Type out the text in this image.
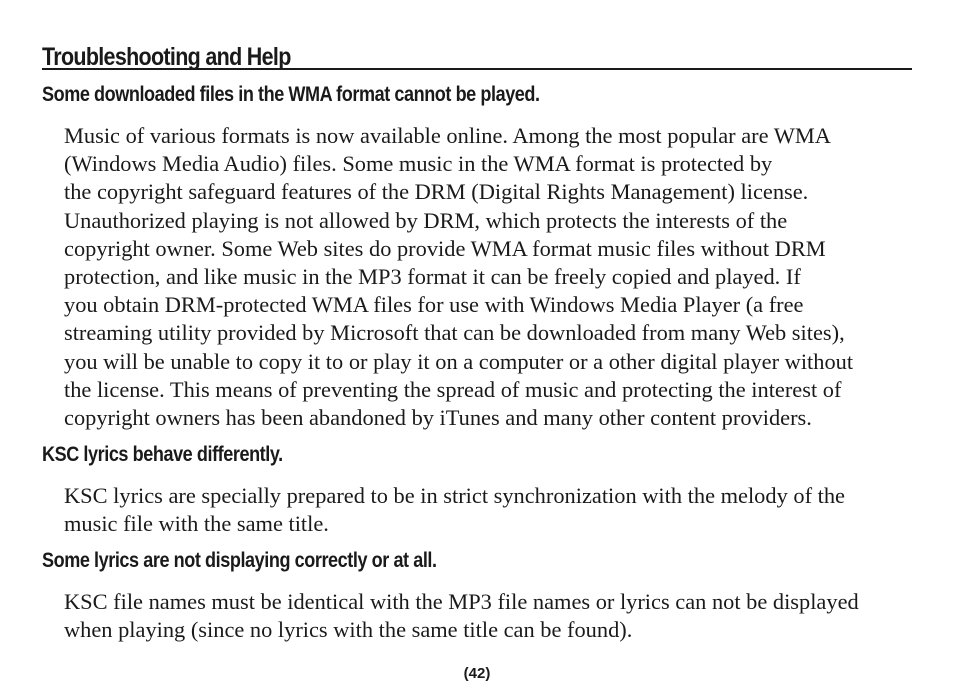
Troubleshooting and Help
Some downloaded files in the WMA format cannot be played.
Music of various formats is now available online. Among the most popular are WMA
(Windows Media Audio) files. Some music in the WMA format is protected by
the copyright safeguard features of the DRM (Digital Rights Management) license.
Unauthorized playing is not allowed by DRM, which protects the interests of the
copyright owner. Some Web sites do provide WMA format music files without DRM
protection, and like music in the MP3 format it can be freely copied and played. If
you obtain DRM-protected WMA files for use with Windows Media Player (a free
streaming utility provided by Microsoft that can be downloaded from many Web sites),
you will be unable to copy it to or play it on a computer or a other digital player without
the license. This means of preventing the spread of music and protecting the interest of
copyright owners has been abandoned by iTunes and many other content providers.
KSC lyrics behave differently.
KSC lyrics are specially prepared to be in strict synchronization with the melody of the
music file with the same title.
Some lyrics are not displaying correctly or at all.
KSC file names must be identical with the MP3 file names or lyrics can not be displayed
when playing (since no lyrics with the same title can be found).
(42)
